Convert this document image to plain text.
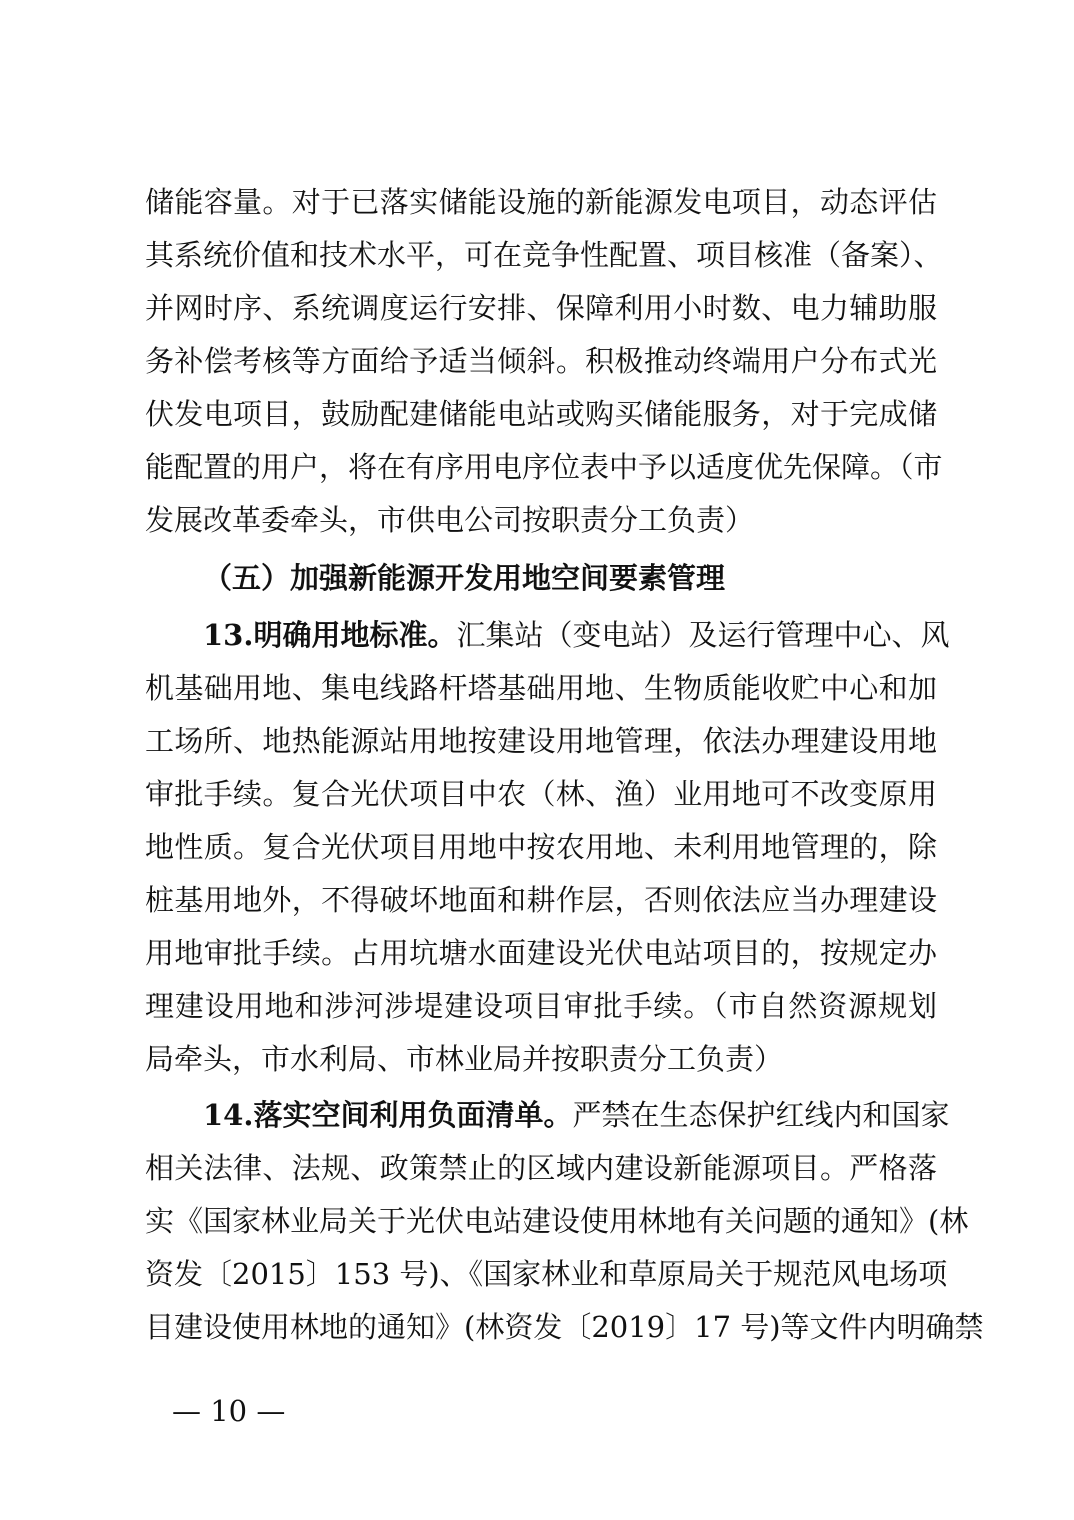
储能容量。对于已落实储能设施的新能源发电项目，动态评估
其系统价值和技术水平，可在竞争性配置、项目核准（备案）、
并网时序、系统调度运行安排、保障利用小时数、电力辅助服
务补偿考核等方面给予适当倾斜。积极推动终端用户分布式光
伏发电项目，鼓励配建储能电站或购买储能服务，对于完成储
能配置的用户，将在有序用电序位表中予以适度优先保障。（市
发展改革委牵头，市供电公司按职责分工负责）
（五）加强新能源开发用地空间要素管理
13.明确用地标准。汇集站（变电站）及运行管理中心、风
机基础用地、集电线路杆塔基础用地、生物质能收贮中心和加
工场所、地热能源站用地按建设用地管理，依法办理建设用地
审批手续。复合光伏项目中农（林、渔）业用地可不改变原用
地性质。复合光伏项目用地中按农用地、未利用地管理的，除
桩基用地外，不得破坏地面和耕作层，否则依法应当办理建设
用地审批手续。占用坑塘水面建设光伏电站项目的，按规定办
理建设用地和涉河涉堤建设项目审批手续。（市自然资源规划
局牵头，市水利局、市林业局并按职责分工负责）
14.落实空间利用负面清单。严禁在生态保护红线内和国家
相关法律、法规、政策禁止的区域内建设新能源项目。严格落
实《国家林业局关于光伏电站建设使用林地有关问题的通知》(林
资发〔2015〕153 号)、《国家林业和草原局关于规范风电场项
目建设使用林地的通知》(林资发〔2019〕17 号)等文件内明确禁
— 10 —
